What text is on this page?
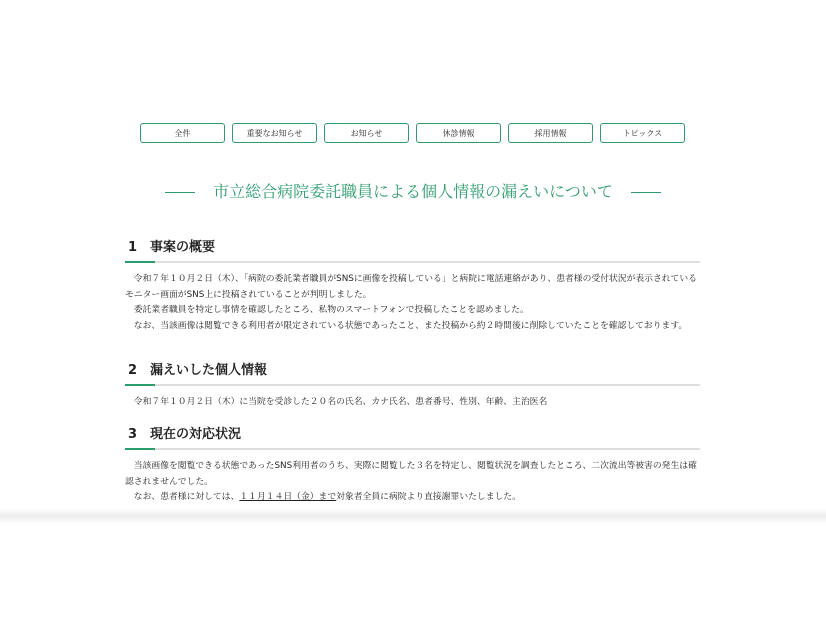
全件	重要なお知らせ	お知らせ	休診情報	採用情報	トピックス
市立総合病院委託職員による個人情報の漏えいについて
1 事案の概要

令和７年１０月２日（木）、「病院の委託業者職員がSNSに画像を投稿している」と病院に電話連絡があり、患者様の受付状況が表示されているモニター画面がSNS上に投稿されていることが判明しました。

委託業者職員を特定し事情を確認したところ、私物のスマートフォンで投稿したことを認めました。

なお、当該画像は閲覧できる利用者が限定されている状態であったこと、また投稿から約２時間後に削除していたことを確認しております。

2 漏えいした個人情報

令和７年１０月２日（木）に当院を受診した２０名の氏名、カナ氏名、患者番号、性別、年齢、主治医名

3 現在の対応状況

当該画像を閲覧できる状態であったSNS利用者のうち、実際に閲覧した３名を特定し、閲覧状況を調査したところ、二次流出等被害の発生は確認されませんでした。

なお、患者様に対しては、１１月１４日（金）まで対象者全員に病院より直接謝罪いたしました。
